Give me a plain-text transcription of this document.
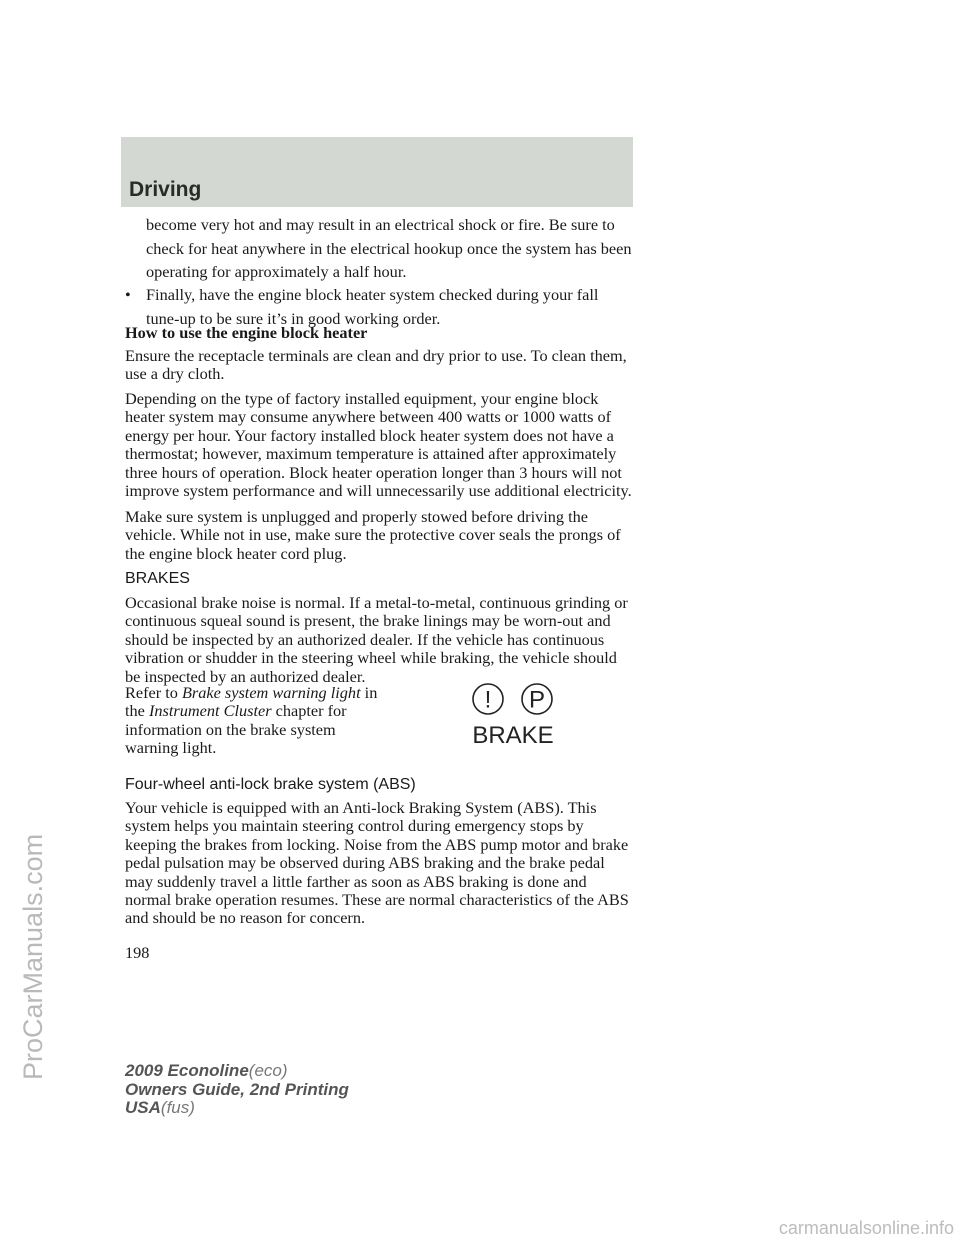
Driving
become very hot and may result in an electrical shock or fire. Be sure to check for heat anywhere in the electrical hookup once the system has been operating for approximately a half hour.
• Finally, have the engine block heater system checked during your fall tune-up to be sure it’s in good working order.

How to use the engine block heater

Ensure the receptacle terminals are clean and dry prior to use. To clean them, use a dry cloth.

Depending on the type of factory installed equipment, your engine block heater system may consume anywhere between 400 watts or 1000 watts of energy per hour. Your factory installed block heater system does not have a thermostat; however, maximum temperature is attained after approximately three hours of operation. Block heater operation longer than 3 hours will not improve system performance and will unnecessarily use additional electricity.

Make sure system is unplugged and properly stowed before driving the vehicle. While not in use, make sure the protective cover seals the prongs of the engine block heater cord plug.

BRAKES

Occasional brake noise is normal. If a metal-to-metal, continuous grinding or continuous squeal sound is present, the brake linings may be worn-out and should be inspected by an authorized dealer. If the vehicle has continuous vibration or shudder in the steering wheel while braking, the vehicle should be inspected by an authorized dealer.

Refer to Brake system warning light in the Instrument Cluster chapter for information on the brake system warning light.

! P
BRAKE

Four-wheel anti-lock brake system (ABS)

Your vehicle is equipped with an Anti-lock Braking System (ABS). This system helps you maintain steering control during emergency stops by keeping the brakes from locking. Noise from the ABS pump motor and brake pedal pulsation may be observed during ABS braking and the brake pedal may suddenly travel a little farther as soon as ABS braking is done and normal brake operation resumes. These are normal characteristics of the ABS and should be no reason for concern.

198
2009 Econoline(eco)
Owners Guide, 2nd Printing
USA(fus)
ProCarManuals.com
carmanualsonline.info
